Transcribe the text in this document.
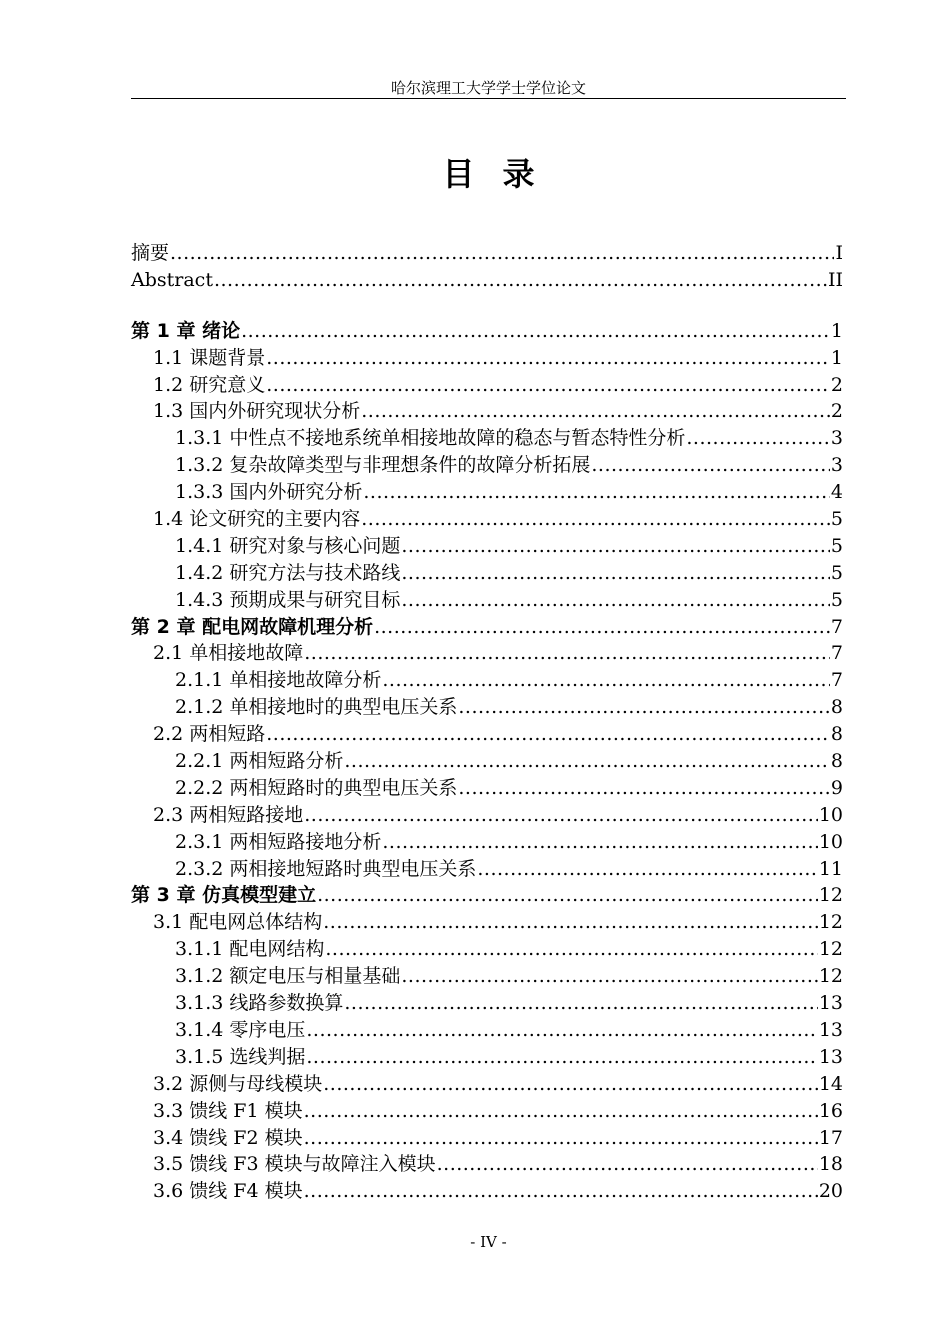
哈尔滨理工大学学士学位论文
目录
摘要 .....	I
Abstract .....	II
第 1 章 绪论 .....	1
1.1 课题背景 .....	1
1.2 研究意义 .....	2
1.3 国内外研究现状分析 .....	2
1.3.1 中性点不接地系统单相接地故障的稳态与暂态特性分析 .....	3
1.3.2 复杂故障类型与非理想条件的故障分析拓展 .....	3
1.3.3 国内外研究分析 .....	4
1.4 论文研究的主要内容 .....	5
1.4.1 研究对象与核心问题 .....	5
1.4.2 研究方法与技术路线 .....	5
1.4.3 预期成果与研究目标 .....	5
第 2 章 配电网故障机理分析 .....	7
2.1 单相接地故障 .....	7
2.1.1 单相接地故障分析 .....	7
2.1.2 单相接地时的典型电压关系 .....	8
2.2 两相短路 .....	8
2.2.1 两相短路分析 .....	8
2.2.2 两相短路时的典型电压关系 .....	9
2.3 两相短路接地 .....	10
2.3.1 两相短路接地分析 .....	10
2.3.2 两相接地短路时典型电压关系 .....	11
第 3 章 仿真模型建立 .....	12
3.1 配电网总体结构 .....	12
3.1.1 配电网结构 .....	12
3.1.2 额定电压与相量基础 .....	12
3.1.3 线路参数换算 .....	13
3.1.4 零序电压 .....	13
3.1.5 选线判据 .....	13
3.2 源侧与母线模块 .....	14
3.3 馈线 F1 模块 .....	16
3.4 馈线 F2 模块 .....	17
3.5 馈线 F3 模块与故障注入模块 .....	18
3.6 馈线 F4 模块 .....	20
- IV -
